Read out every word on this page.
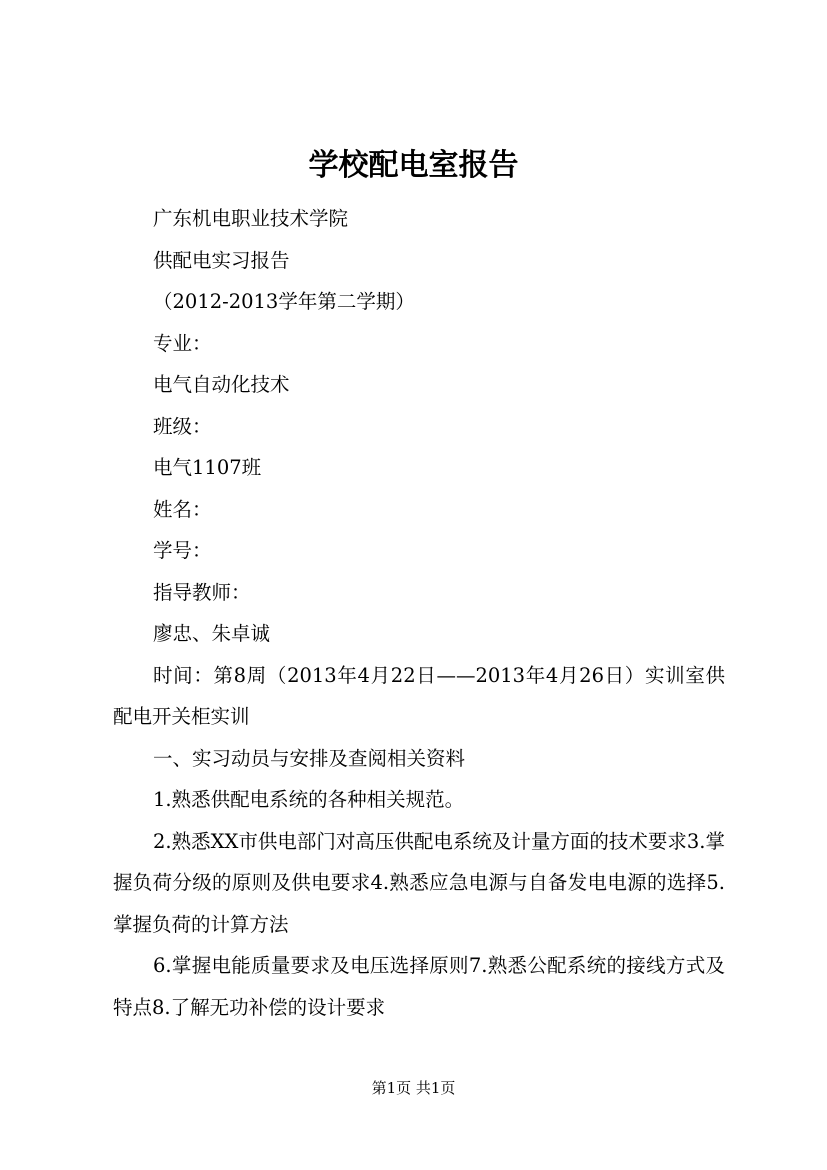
学校配电室报告

广东机电职业技术学院

供配电实习报告

（2012-2013学年第二学期）

专业：

电气自动化技术

班级：

电气1107班

姓名：

学号：

指导教师：

廖忠、朱卓诚

时间：第8周（2013年4月22日——2013年4月26日）实训室供配电开关柜实训

一、实习动员与安排及查阅相关资料

1.熟悉供配电系统的各种相关规范。

2.熟悉XX市供电部门对高压供配电系统及计量方面的技术要求3.掌握负荷分级的原则及供电要求4.熟悉应急电源与自备发电电源的选择5.掌握负荷的计算方法

6.掌握电能质量要求及电压选择原则7.熟悉公配系统的接线方式及特点8.了解无功补偿的设计要求

第1页 共1页
